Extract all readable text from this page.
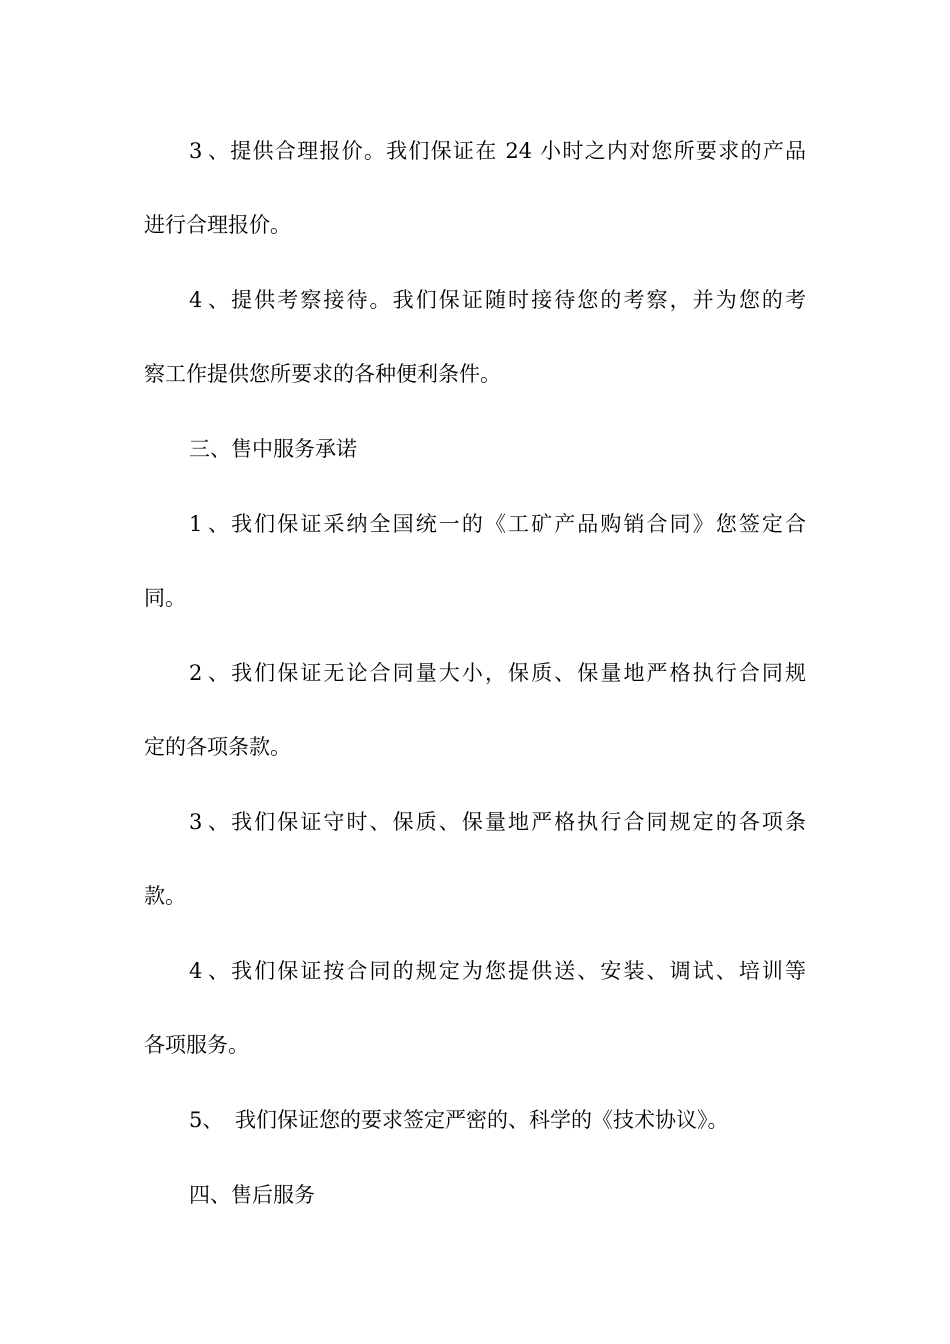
3、提供合理报价。我们保证在 24 小时之内对您所要求的产品
进行合理报价。
4、提供考察接待。我们保证随时接待您的考察，并为您的考
察工作提供您所要求的各种便利条件。
三、售中服务承诺
1、我们保证采纳全国统一的《工矿产品购销合同》您签定合
同。
2、我们保证无论合同量大小，保质、保量地严格执行合同规
定的各项条款。
3、我们保证守时、保质、保量地严格执行合同规定的各项条
款。
4、我们保证按合同的规定为您提供送、安装、调试、培训等
各项服务。
5、 我们保证您的要求签定严密的、科学的《技术协议》。
四、售后服务
